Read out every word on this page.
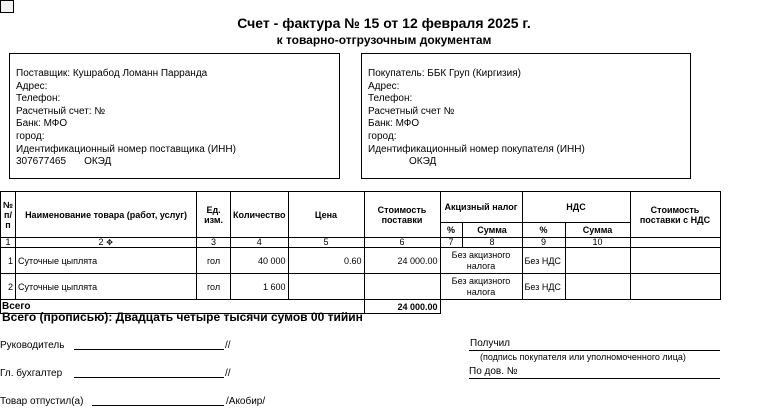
Счет - фактура № 15 от 12 февраля 2025 г.
к товарно-отгрузочным документам
Поставщик: Кушрабод Ломанн Парранда
Адрес:
Телефон:
Расчетный счет: №
Банк: МФО
город:
Идентификационный номер поставщика (ИНН)
307677465 ОКЭД
Покупатель: ББК Груп (Киргизия)
Адрес:
Телефон:
Расчетный счет №
Банк: МФО
город:
Идентификационный номер покупателя (ИНН)
ОКЭД
№ п/п	Наименование товара (работ, услуг)	Ед. изм.	Количество	Цена	Стоимость поставки	Акцизный налог		НДС		Стоимость поставки с НДС
						%	Сумма	%	Сумма	
1	2 ✥	3	4	5	6	7	8	9	10	
1	Суточные цыплята	гол	40 000	0.60	24 000.00	Без акцизного налога		Без НДС		
2	Суточные цыплята	гол	1 600			Без акцизного налога		Без НДС		
Всего					24 000.00					
Всего (прописью): Двадцать четыре тысячи сумов 00 тийин
Руководитель	//
Гл. бухгалтер	//
Товар отпустил(а)	/Акобир/
Получил
(подпись покупателя или уполномоченного лица)
По дов. №
